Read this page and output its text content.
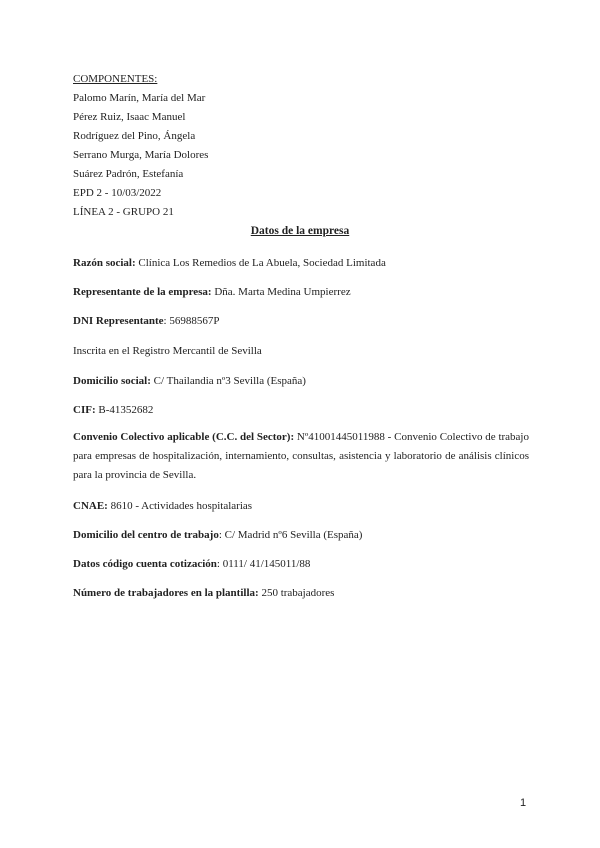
COMPONENTES:
Palomo Marín, María del Mar
Pérez Ruiz, Isaac Manuel
Rodríguez del Pino, Ángela
Serrano Murga, María Dolores
Suárez Padrón, Estefanía
EPD 2 - 10/03/2022
LÍNEA 2 - GRUPO 21
Datos de la empresa
Razón social: Clínica Los Remedios de La Abuela, Sociedad Limitada
Representante de la empresa: Dña. Marta Medina Umpierrez
DNI Representante: 56988567P
Inscrita en el Registro Mercantil de Sevilla
Domicilio social: C/ Thailandia nº3 Sevilla (España)
CIF: B-41352682
Convenio Colectivo aplicable (C.C. del Sector): Nº41001445011988 - Convenio Colectivo de trabajo para empresas de hospitalización, internamiento, consultas, asistencia y laboratorio de análisis clínicos para la provincia de Sevilla.
CNAE: 8610 - Actividades hospitalarias
Domicilio del centro de trabajo: C/ Madrid nº6 Sevilla (España)
Datos código cuenta cotización: 0111/ 41/145011/88
Número de trabajadores en la plantilla: 250 trabajadores
1
